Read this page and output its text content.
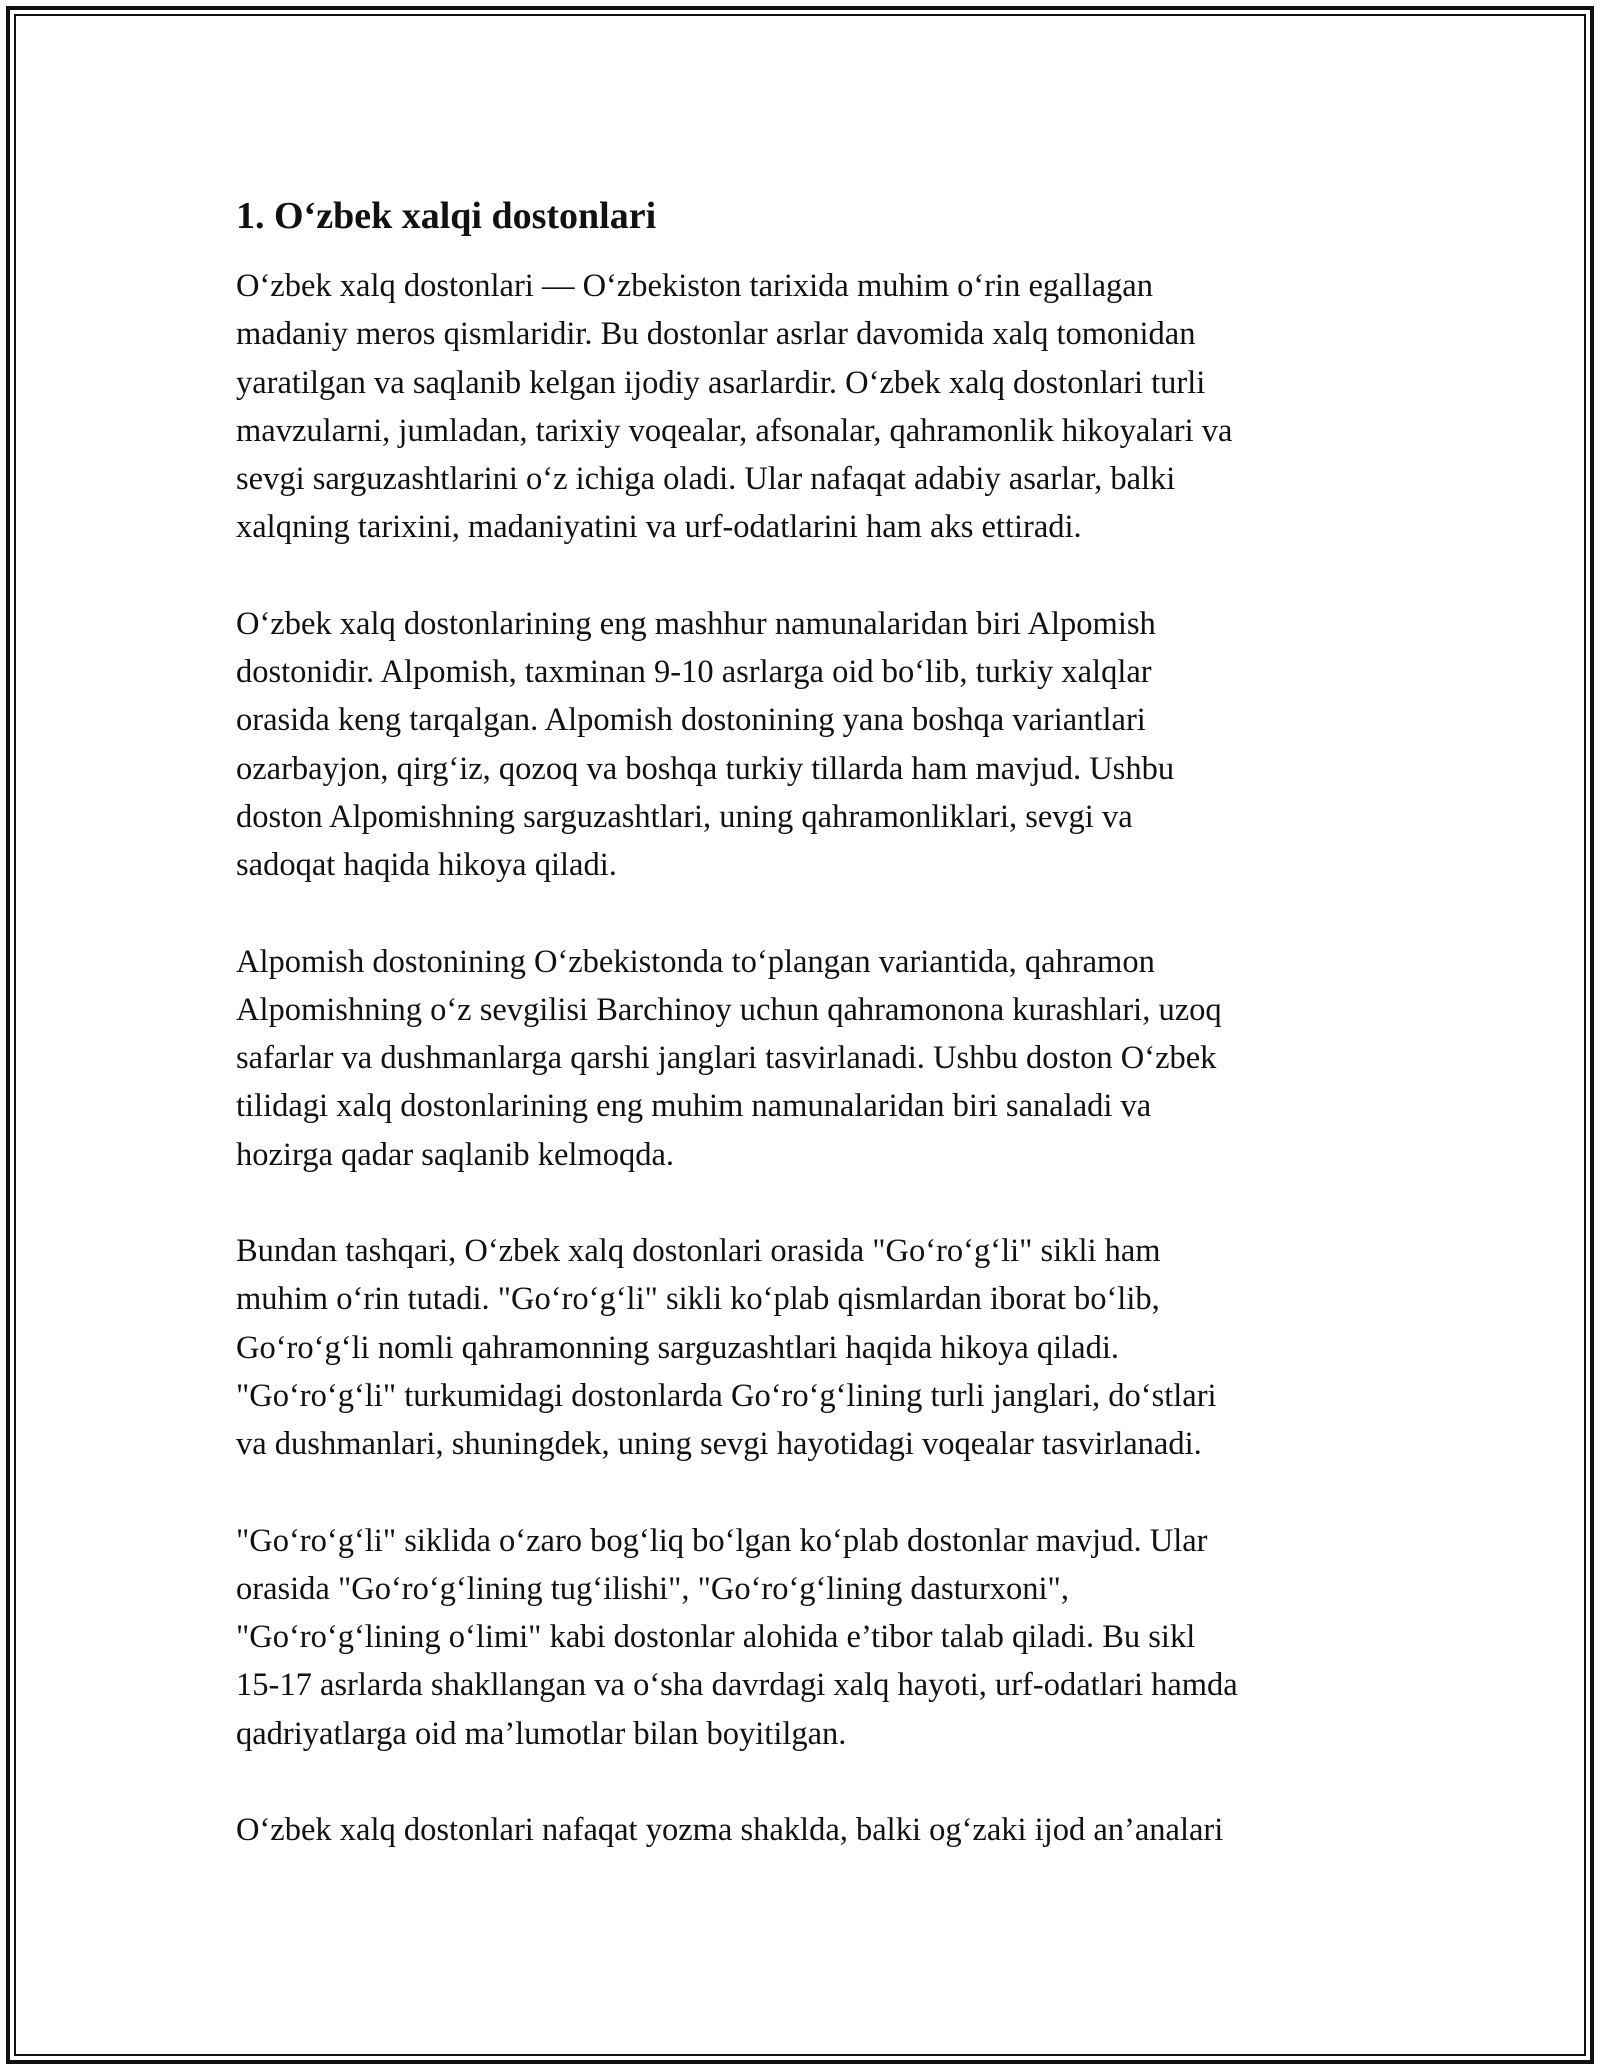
1. O‘zbek xalqi dostonlari

O‘zbek xalq dostonlari — O‘zbekiston tarixida muhim o‘rin egallagan
madaniy meros qismlaridir. Bu dostonlar asrlar davomida xalq tomonidan
yaratilgan va saqlanib kelgan ijodiy asarlardir. O‘zbek xalq dostonlari turli
mavzularni, jumladan, tarixiy voqealar, afsonalar, qahramonlik hikoyalari va
sevgi sarguzashtlarini o‘z ichiga oladi. Ular nafaqat adabiy asarlar, balki
xalqning tarixini, madaniyatini va urf-odatlarini ham aks ettiradi.

O‘zbek xalq dostonlarining eng mashhur namunalaridan biri Alpomish
dostonidir. Alpomish, taxminan 9-10 asrlarga oid bo‘lib, turkiy xalqlar
orasida keng tarqalgan. Alpomish dostonining yana boshqa variantlari
ozarbayjon, qirg‘iz, qozoq va boshqa turkiy tillarda ham mavjud. Ushbu
doston Alpomishning sarguzashtlari, uning qahramonliklari, sevgi va
sadoqat haqida hikoya qiladi.

Alpomish dostonining O‘zbekistonda to‘plangan variantida, qahramon
Alpomishning o‘z sevgilisi Barchinoy uchun qahramonona kurashlari, uzoq
safarlar va dushmanlarga qarshi janglari tasvirlanadi. Ushbu doston O‘zbek
tilidagi xalq dostonlarining eng muhim namunalaridan biri sanaladi va
hozirga qadar saqlanib kelmoqda.

Bundan tashqari, O‘zbek xalq dostonlari orasida "Go‘ro‘g‘li" sikli ham
muhim o‘rin tutadi. "Go‘ro‘g‘li" sikli ko‘plab qismlardan iborat bo‘lib,
Go‘ro‘g‘li nomli qahramonning sarguzashtlari haqida hikoya qiladi.
"Go‘ro‘g‘li" turkumidagi dostonlarda Go‘ro‘g‘lining turli janglari, do‘stlari
va dushmanlari, shuningdek, uning sevgi hayotidagi voqealar tasvirlanadi.

"Go‘ro‘g‘li" siklida o‘zaro bog‘liq bo‘lgan ko‘plab dostonlar mavjud. Ular
orasida "Go‘ro‘g‘lining tug‘ilishi", "Go‘ro‘g‘lining dasturxoni",
"Go‘ro‘g‘lining o‘limi" kabi dostonlar alohida e’tibor talab qiladi. Bu sikl
15-17 asrlarda shakllangan va o‘sha davrdagi xalq hayoti, urf-odatlari hamda
qadriyatlarga oid ma’lumotlar bilan boyitilgan.

O‘zbek xalq dostonlari nafaqat yozma shaklda, balki og‘zaki ijod an’analari
